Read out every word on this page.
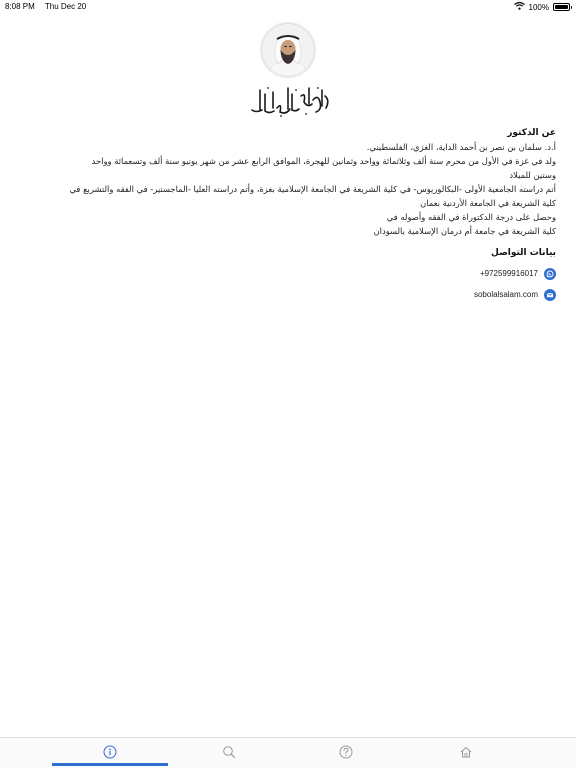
8:08 PM Thu Dec 20	100%

عن الدكتور

أ.د. سلمان بن نصر بن أحمد الداية، الغزي، الفلسطيني.

ولد في غزة في الأول من محرم سنة ألف وثلاثمائة وواحد وثمانين للهجرة، الموافق الرابع عشر من شهر يونيو سنة ألف وتسعمائة وواحد

وستين للميلاد

أتم دراسته الجامعية الأولى -البكالوريوس- في كلية الشريعة في الجامعة الإسلامية بغزة، وأتم دراسته العليا -الماجستير- في الفقه والتشريع في

كلية الشريعة في الجامعة الأردنية بعمان

وحصل على درجة الدكتوراة في الفقه وأصوله في

كلية الشريعة في جامعة أم درمان الإسلامية بالسودان

بيانات التواصل

+972599916017
sobolalsalam.com
